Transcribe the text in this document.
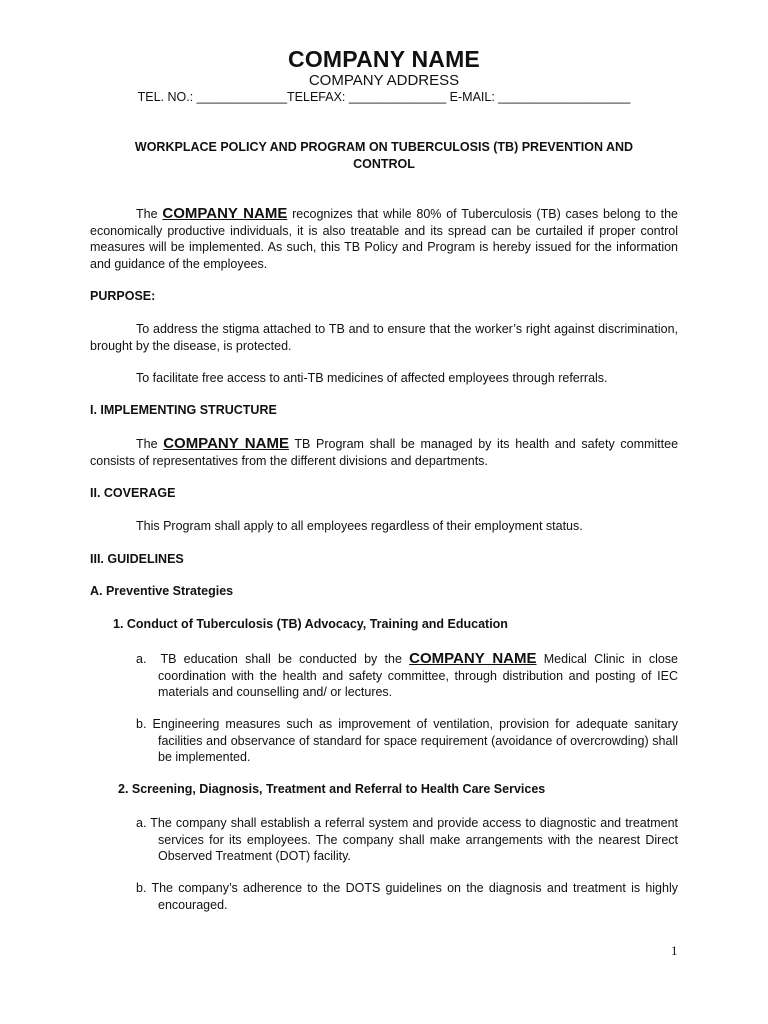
COMPANY NAME
COMPANY ADDRESS
TEL. NO.: _____________TELEFAX: ______________ E-MAIL: ___________________
WORKPLACE POLICY AND PROGRAM ON TUBERCULOSIS (TB) PREVENTION AND
CONTROL
The COMPANY NAME recognizes that while 80% of Tuberculosis (TB) cases belong to the economically productive individuals, it is also treatable and its spread can be curtailed if proper control measures will be implemented. As such, this TB Policy and Program is hereby issued for the information and guidance of the employees.
PURPOSE:
To address the stigma attached to TB and to ensure that the worker’s right against discrimination, brought by the disease, is protected.
To facilitate free access to anti-TB medicines of affected employees through referrals.
I. IMPLEMENTING STRUCTURE
The COMPANY NAME TB Program shall be managed by its health and safety committee consists of representatives from the different divisions and departments.
II. COVERAGE
This Program shall apply to all employees regardless of their employment status.
III. GUIDELINES
A. Preventive Strategies
1. Conduct of Tuberculosis (TB) Advocacy, Training and Education
a. TB education shall be conducted by the COMPANY NAME Medical Clinic in close coordination with the health and safety committee, through distribution and posting of IEC materials and counselling and/ or lectures.
b. Engineering measures such as improvement of ventilation, provision for adequate sanitary facilities and observance of standard for space requirement (avoidance of overcrowding) shall be implemented.
2. Screening, Diagnosis, Treatment and Referral to Health Care Services
a. The company shall establish a referral system and provide access to diagnostic and treatment services for its employees. The company shall make arrangements with the nearest Direct Observed Treatment (DOT) facility.
b. The company’s adherence to the DOTS guidelines on the diagnosis and treatment is highly encouraged.
1
